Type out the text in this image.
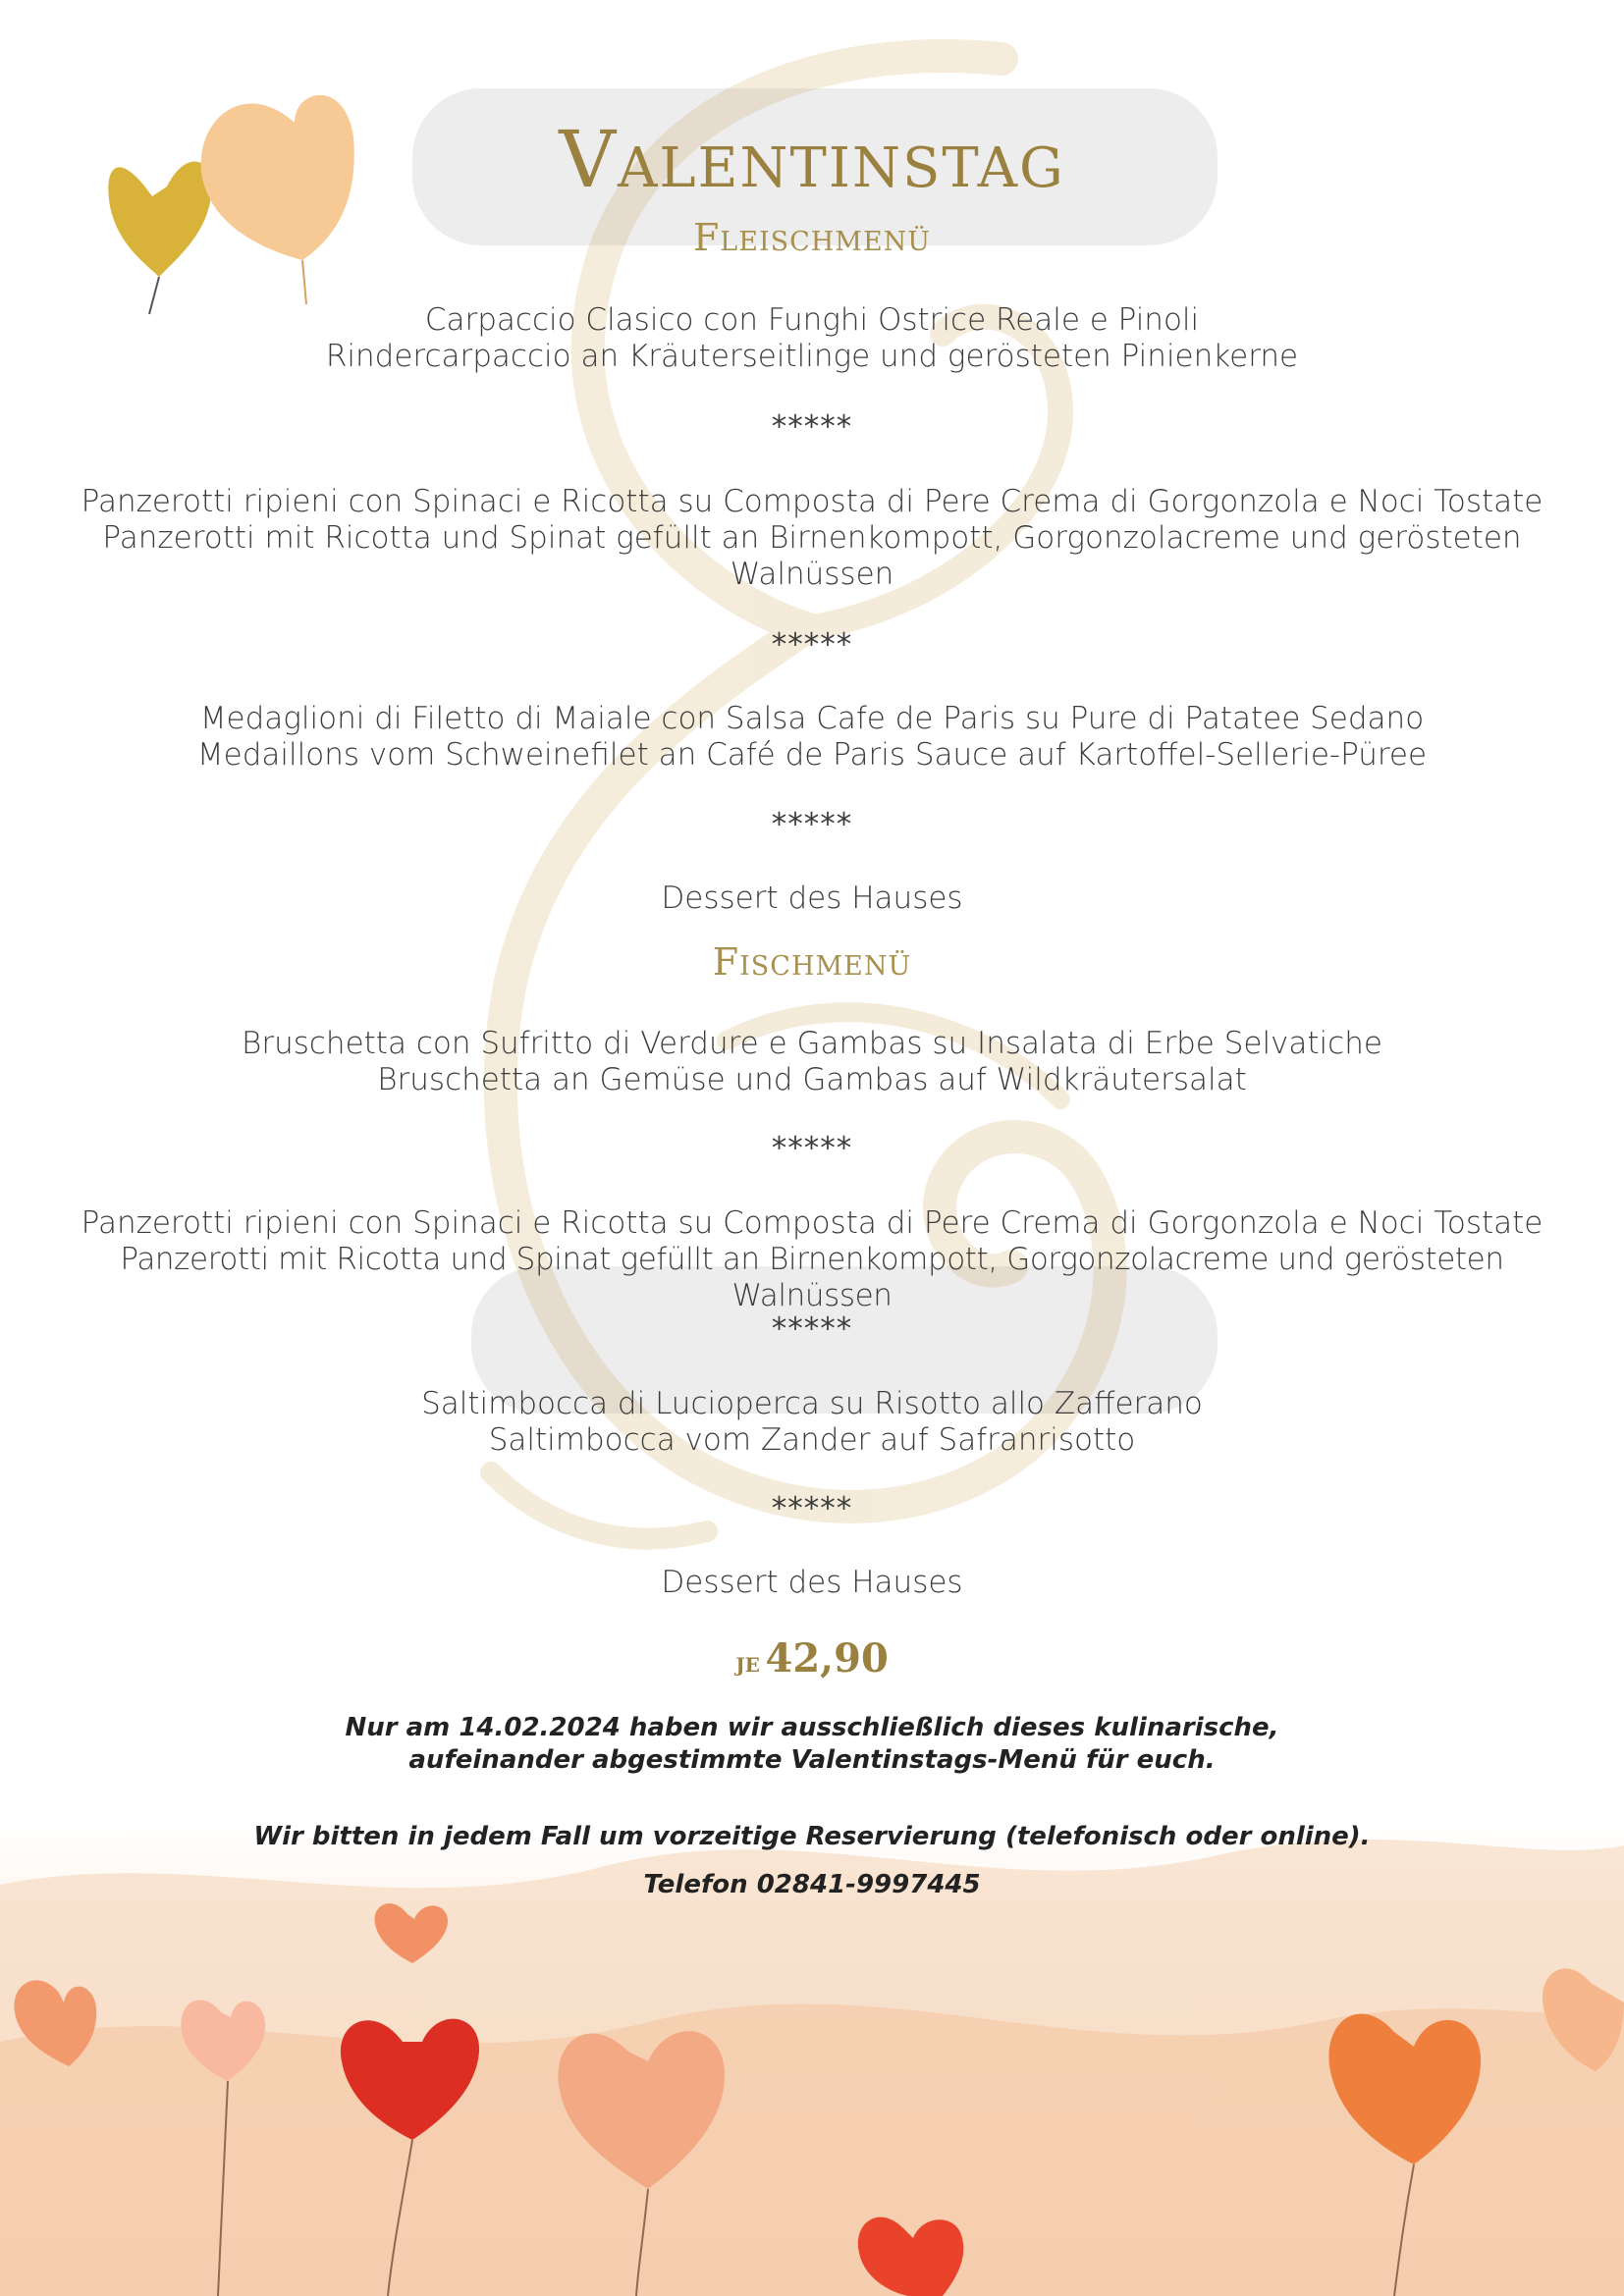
Valentinstag
Fleischmenü
Carpaccio Clasico con Funghi Ostrice Reale e Pinoli
Rindercarpaccio an Kräuterseitlinge und gerösteten Pinienkerne
*****
Panzerotti ripieni con Spinaci e Ricotta su Composta di Pere Crema di Gorgonzola e Noci Tostate
Panzerotti mit Ricotta und Spinat gefüllt an Birnenkompott, Gorgonzolacreme und gerösteten
Walnüssen
*****
Medaglioni di Filetto di Maiale con Salsa Cafe de Paris su Pure di Patatee Sedano
Medaillons vom Schweinefilet an Café de Paris Sauce auf Kartoffel-Sellerie-Püree
*****
Dessert des Hauses
Fischmenü
Bruschetta con Sufritto di Verdure e Gambas su Insalata di Erbe Selvatiche
Bruschetta an Gemüse und Gambas auf Wildkräutersalat
*****
Panzerotti ripieni con Spinaci e Ricotta su Composta di Pere Crema di Gorgonzola e Noci Tostate
Panzerotti mit Ricotta und Spinat gefüllt an Birnenkompott, Gorgonzolacreme und gerösteten Walnüssen
*****
Saltimbocca di Lucioperca su Risotto allo Zafferano
Saltimbocca vom Zander auf Safranrisotto
*****
Dessert des Hauses
je 42,90
Nur am 14.02.2024 haben wir ausschließlich dieses kulinarische,
aufeinander abgestimmte Valentinstags-Menü für euch.
Wir bitten in jedem Fall um vorzeitige Reservierung (telefonisch oder online).
Telefon 02841-9997445
